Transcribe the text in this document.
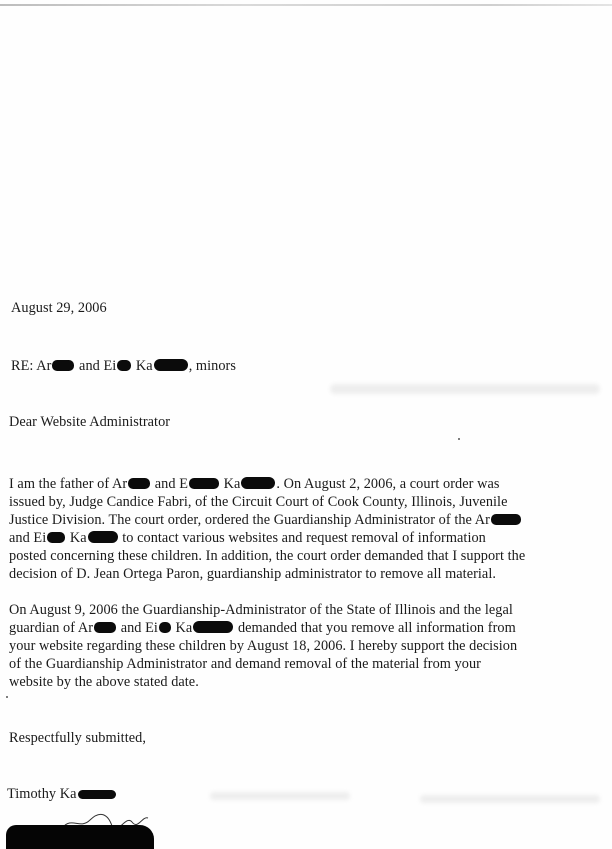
August 29, 2006
RE: Ar and Ei Ka	, minors
Dear Website Administrator
I am the father of Ar and E Ka	. On August 2, 2006, a court order was
issued by, Judge Candice Fabri, of the Circuit Court of Cook County, Illinois, Juvenile
Justice Division. The court order, ordered the Guardianship Administrator of the Ar
and Ei Ka to contact various websites and request removal of information
posted concerning these children. In addition, the court order demanded that I support the
decision of D. Jean Ortega Paron, guardianship administrator to remove all material.
On August 9, 2006 the Guardianship-Administrator of the State of Illinois and the legal
guardian of Ar and Ei Ka	demanded that you remove all information from
your website regarding these children by August 18, 2006. I hereby support the decision
of the Guardianship Administrator and demand removal of the material from your
website by the above stated date.
Respectfully submitted,
Timothy Ka
